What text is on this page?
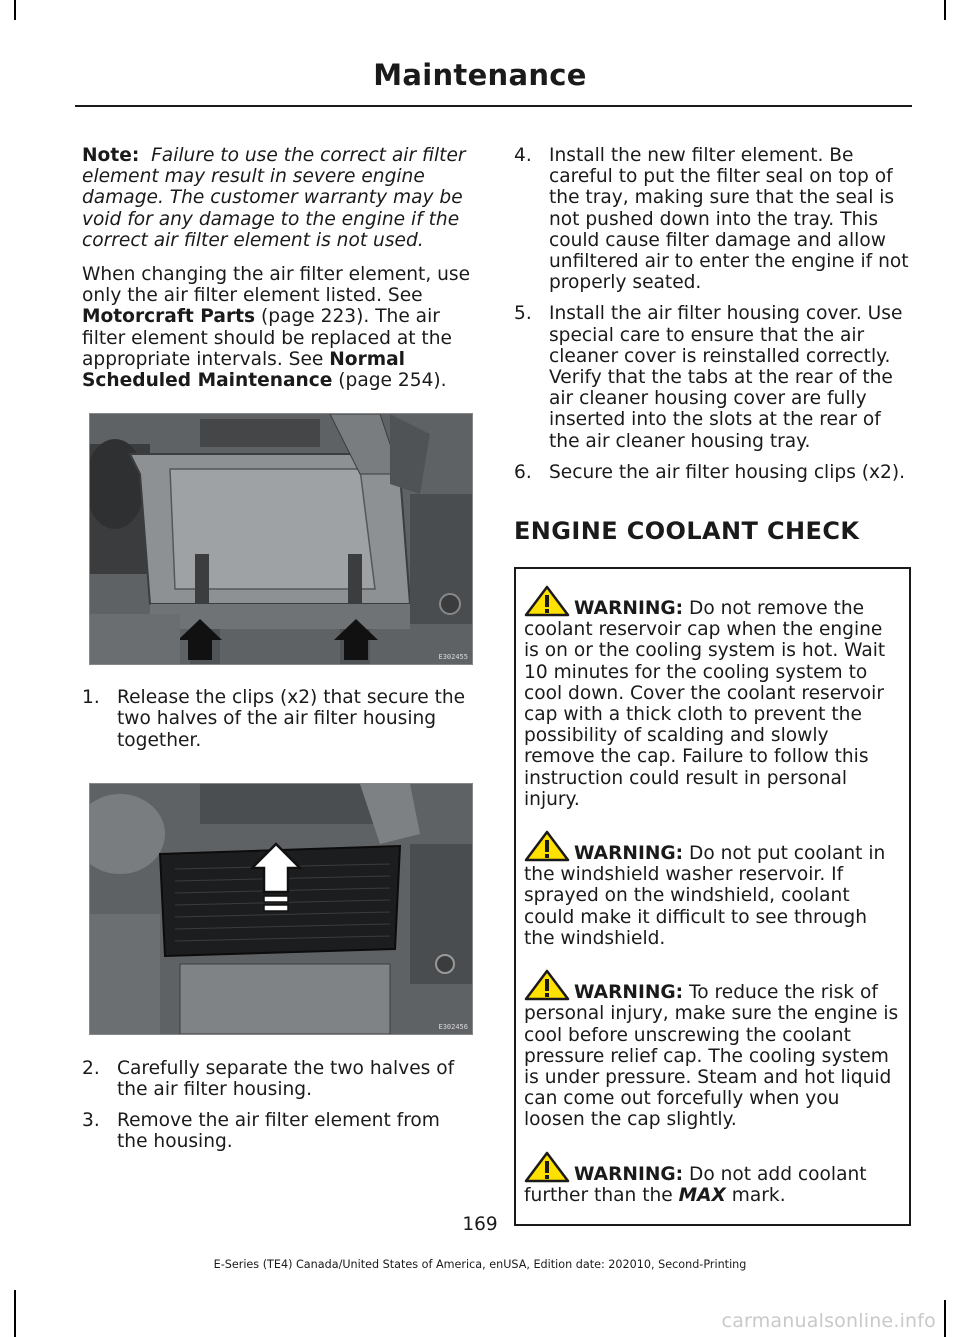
Maintenance

Note: Failure to use the correct air filter element may result in severe engine damage. The customer warranty may be void for any damage to the engine if the correct air filter element is not used.

When changing the air filter element, use only the air filter element listed. See Motorcraft Parts (page 223). The air filter element should be replaced at the appropriate intervals. See Normal Scheduled Maintenance (page 254).

E302455
1. Release the clips (x2) that secure the two halves of the air filter housing together.
E302456
2. Carefully separate the two halves of the air filter housing.
3. Remove the air filter element from the housing.
4. Install the new filter element. Be careful to put the filter seal on top of the tray, making sure that the seal is not pushed down into the tray. This could cause filter damage and allow unfiltered air to enter the engine if not properly seated.
5. Install the air filter housing cover. Use special care to ensure that the air cleaner cover is reinstalled correctly. Verify that the tabs at the rear of the air cleaner housing cover are fully inserted into the slots at the rear of the air cleaner housing tray.
6. Secure the air filter housing clips (x2).
ENGINE COOLANT CHECK

WARNING: Do not remove the coolant reservoir cap when the engine is on or the cooling system is hot. Wait 10 minutes for the cooling system to cool down. Cover the coolant reservoir cap with a thick cloth to prevent the possibility of scalding and slowly remove the cap. Failure to follow this instruction could result in personal injury.

WARNING: Do not put coolant in the windshield washer reservoir. If sprayed on the windshield, coolant could make it difficult to see through the windshield.

WARNING: To reduce the risk of personal injury, make sure the engine is cool before unscrewing the coolant pressure relief cap. The cooling system is under pressure. Steam and hot liquid can come out forcefully when you loosen the cap slightly.

WARNING: Do not add coolant further than the MAX mark.

169
E-Series (TE4) Canada/United States of America, enUSA, Edition date: 202010, Second-Printing
carmanualsonline.info
